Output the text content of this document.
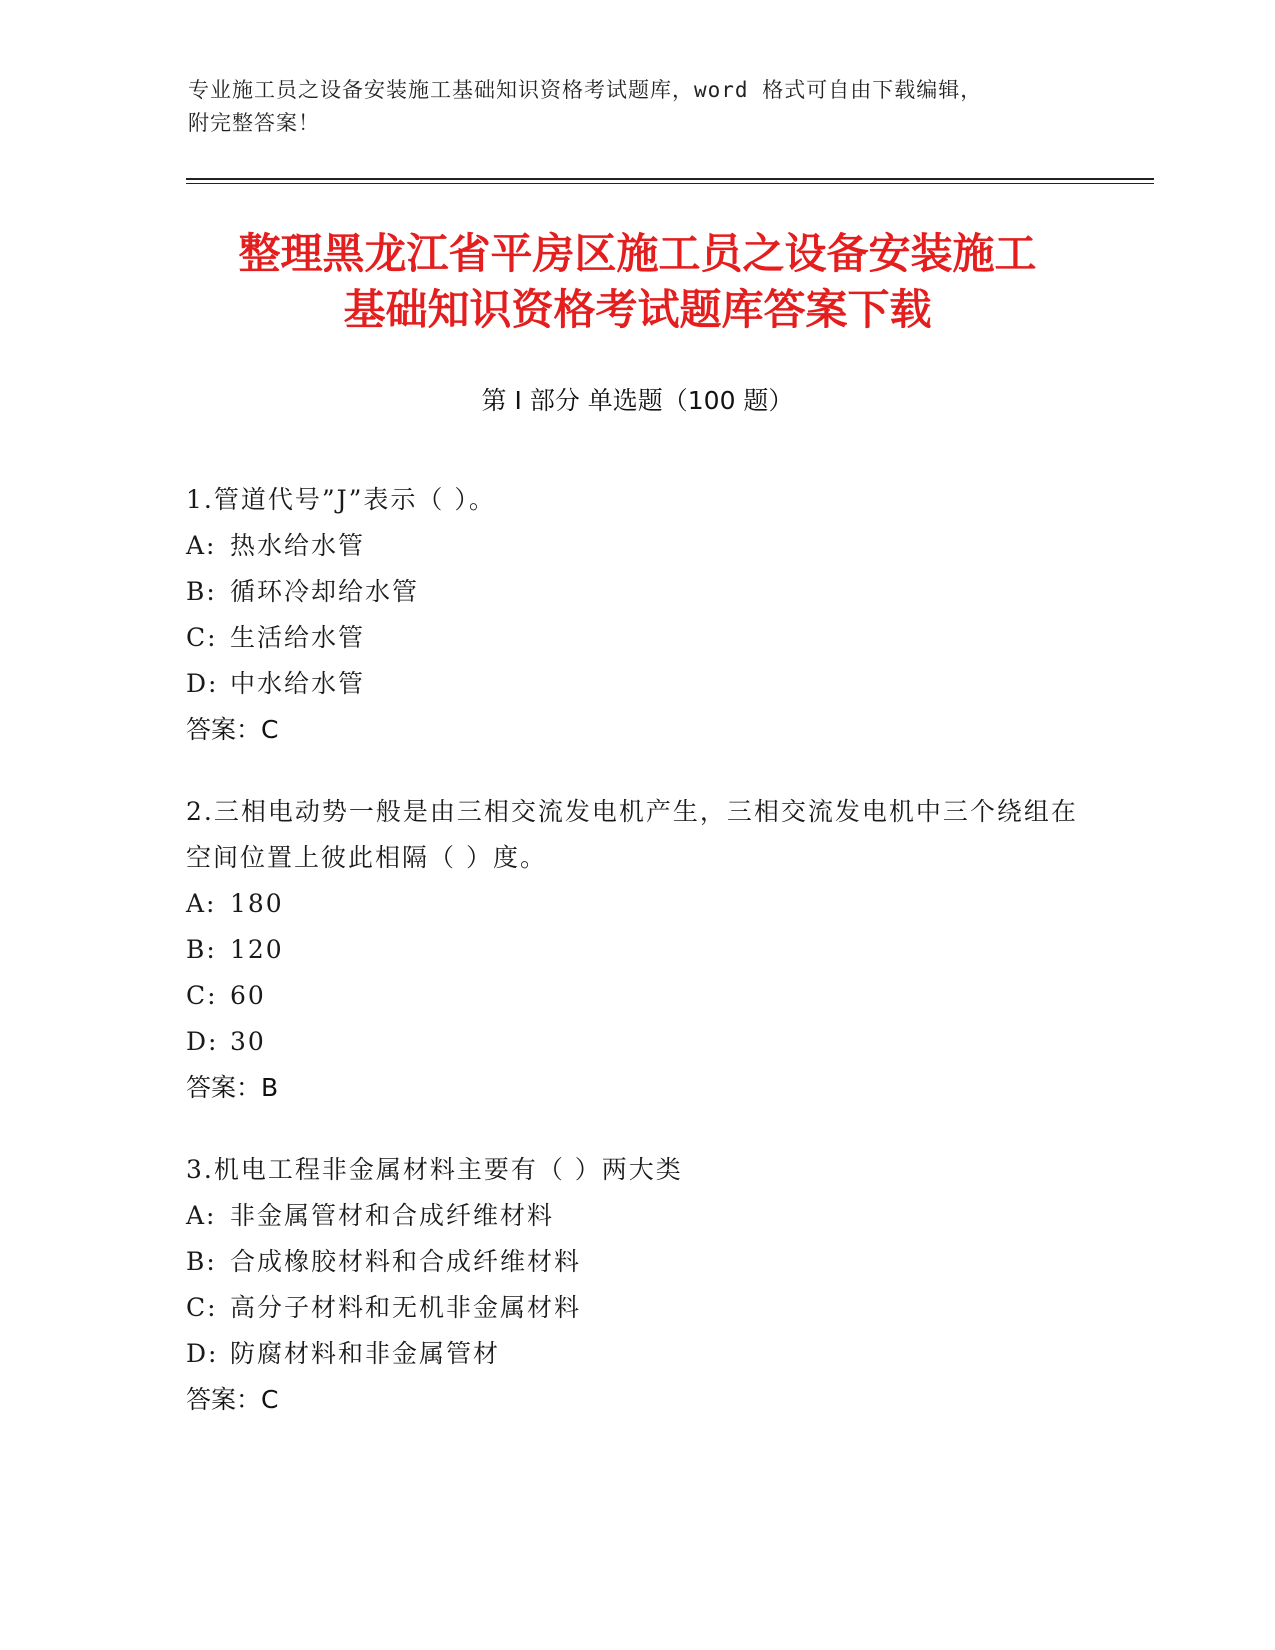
专业施工员之设备安装施工基础知识资格考试题库，word 格式可自由下载编辑，
附完整答案！
整理黑龙江省平房区施工员之设备安装施工
基础知识资格考试题库答案下载
第 I 部分 单选题（100 题）
1.管道代号”J”表示（ ）。
A: 热水给水管
B: 循环冷却给水管
C: 生活给水管
D: 中水给水管
答案：C
2.三相电动势一般是由三相交流发电机产生，三相交流发电机中三个绕组在空间位置上彼此相隔（ ）度。
A: 180
B: 120
C: 60
D: 30
答案：B
3.机电工程非金属材料主要有（ ）两大类
A: 非金属管材和合成纤维材料
B: 合成橡胶材料和合成纤维材料
C: 高分子材料和无机非金属材料
D: 防腐材料和非金属管材
答案：C
